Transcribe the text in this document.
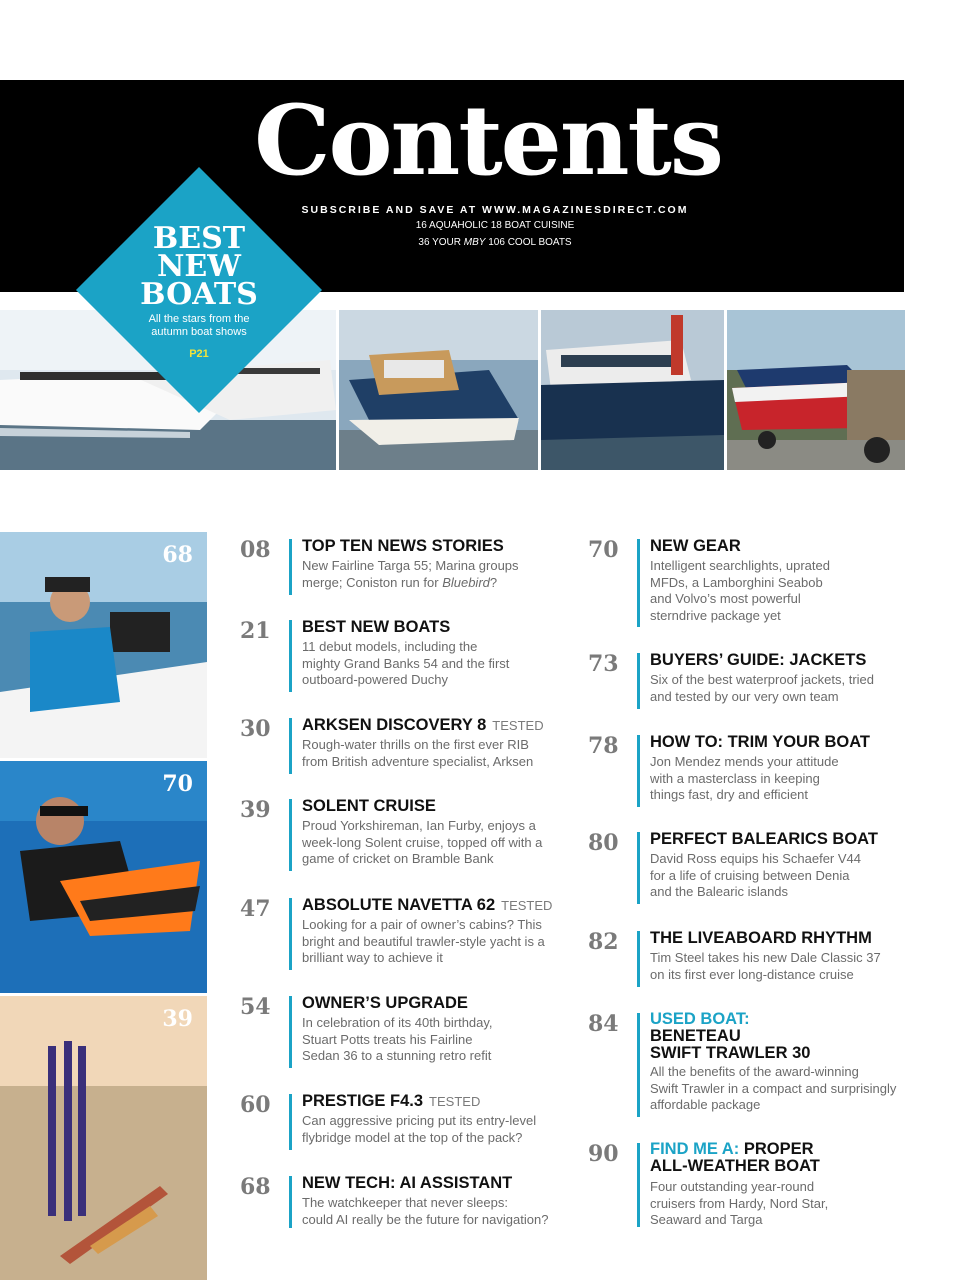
Contents
SUBSCRIBE AND SAVE AT WWW.MAGAZINESDIRECT.COM
16 AQUAHOLIC 18 BOAT CUISINE
36 YOUR MBY 106 COOL BOATS
BEST
NEW
BOATS
All the stars from the
autumn boat shows
P21
68
70
39
08 TOP TEN NEWS STORIES
New Fairline Targa 55; Marina groups
merge; Coniston run for Bluebird?
21 BEST NEW BOATS
11 debut models, including the
mighty Grand Banks 54 and the first
outboard-powered Duchy
30 ARKSEN DISCOVERY 8 TESTED
Rough-water thrills on the first ever RIB
from British adventure specialist, Arksen
39 SOLENT CRUISE
Proud Yorkshireman, Ian Furby, enjoys a
week-long Solent cruise, topped off with a
game of cricket on Bramble Bank
47 ABSOLUTE NAVETTA 62 TESTED
Looking for a pair of owner’s cabins? This
bright and beautiful trawler-style yacht is a
brilliant way to achieve it
54 OWNER’S UPGRADE
In celebration of its 40th birthday,
Stuart Potts treats his Fairline
Sedan 36 to a stunning retro refit
60 PRESTIGE F4.3 TESTED
Can aggressive pricing put its entry-level
flybridge model at the top of the pack?
68 NEW TECH: AI ASSISTANT
The watchkeeper that never sleeps:
could AI really be the future for navigation?
70 NEW GEAR
Intelligent searchlights, uprated
MFDs, a Lamborghini Seabob
and Volvo’s most powerful
sterndrive package yet
73 BUYERS’ GUIDE: JACKETS
Six of the best waterproof jackets, tried
and tested by our very own team
78 HOW TO: TRIM YOUR BOAT
Jon Mendez mends your attitude
with a masterclass in keeping
things fast, dry and efficient
80 PERFECT BALEARICS BOAT
David Ross equips his Schaefer V44
for a life of cruising between Denia
and the Balearic islands
82 THE LIVEABOARD RHYTHM
Tim Steel takes his new Dale Classic 37
on its first ever long-distance cruise
84 USED BOAT:
BENETEAU
SWIFT TRAWLER 30
All the benefits of the award-winning
Swift Trawler in a compact and surprisingly
affordable package
90 FIND ME A: PROPER
ALL-WEATHER BOAT
Four outstanding year-round
cruisers from Hardy, Nord Star,
Seaward and Targa
